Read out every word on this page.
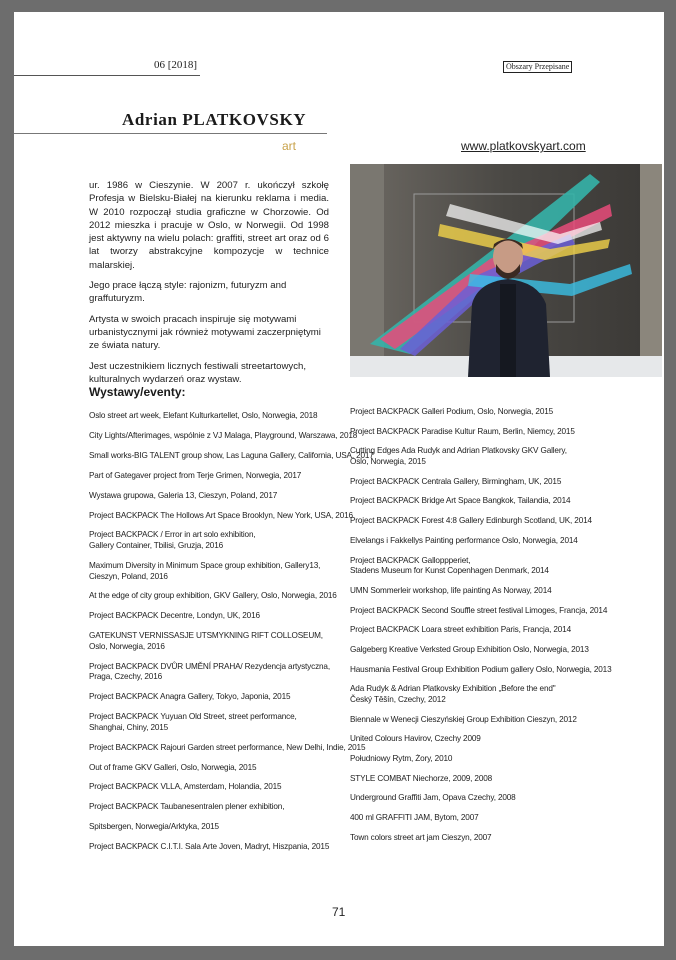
06 [2018]	Obszary Przepisane
Adrian PLATKOVSKY
art	www.platkovskyart.com

ur. 1986 w Cieszynie. W 2007 r. ukończył szkołę Profesja w Bielsku-Białej na kierunku reklama i media. W 2010 rozpoczął studia graficzne w Chorzowie. Od 2012 mieszka i pracuje w Oslo, w Norwegii. Od 1998 jest aktywny na wielu polach: graffiti, street art oraz od 6 lat tworzy abstrakcyjne kompozycje w technice malarskiej.

Jego prace łączą style: rajonizm, futuryzm and graffuturyzm.

Artysta w swoich pracach inspiruje się motywami urbanistycznymi jak również motywami zaczerpniętymi ze świata natury.

Jest uczestnikiem licznych festiwali streetartowych, kulturalnych wydarzeń oraz wystaw.

Wystawy/eventy:
Oslo street art week, Elefant Kulturkartellet, Oslo, Norwegia, 2018
City Lights/Afterimages, wspólnie z VJ Malaga, Playground, Warszawa, 2018
Small works-BIG TALENT group show, Las Laguna Gallery, California, USA, 2017
Part of Gategaver project from Terje Grimen, Norwegia, 2017
Wystawa grupowa, Galeria 13, Cieszyn, Poland, 2017
Project BACKPACK The Hollows Art Space Brooklyn, New York, USA, 2016
Project BACKPACK / Error in art solo exhibition,
Gallery Container, Tbilisi, Gruzja, 2016
Maximum Diversity in Minimum Space group exhibition, Gallery13,
Cieszyn, Poland, 2016
At the edge of city group exhibition, GKV Gallery, Oslo, Norwegia, 2016
Project BACKPACK Decentre, Londyn, UK, 2016
GATEKUNST VERNISSASJE UTSMYKNING RIFT COLLOSEUM,
Oslo, Norwegia, 2016
Project BACKPACK DVŮR UMĚNÍ PRAHA/ Rezydencja artystyczna,
Praga, Czechy, 2016
Project BACKPACK Anagra Gallery, Tokyo, Japonia, 2015
Project BACKPACK Yuyuan Old Street, street performance,
Shanghai, Chiny, 2015
Project BACKPACK Rajouri Garden street performance, New Delhi, Indie, 2015
Out of frame GKV Galleri, Oslo, Norwegia, 2015
Project BACKPACK VLLA, Amsterdam, Holandia, 2015
Project BACKPACK Taubanesentralen plener exhibition,
Spitsbergen, Norwegia/Arktyka, 2015
Project BACKPACK C.I.T.I. Sala Arte Joven, Madryt, Hiszpania, 2015
Project BACKPACK Galleri Podium, Oslo, Norwegia, 2015
Project BACKPACK Paradise Kultur Raum, Berlin, Niemcy, 2015
Cutting Edges Ada Rudyk and Adrian Platkovsky GKV Gallery,
Oslo, Norwegia, 2015
Project BACKPACK Centrala Gallery, Birmingham, UK, 2015
Project BACKPACK Bridge Art Space Bangkok, Tailandia, 2014
Project BACKPACK Forest 4:8 Gallery Edinburgh Scotland, UK, 2014
Elvelangs i Fakkellys Painting performance Oslo, Norwegia, 2014
Project BACKPACK Galloppperiet,
Stadens Museum for Kunst Copenhagen Denmark, 2014
UMN Sommerleir workshop, life painting As Norway, 2014
Project BACKPACK Second Souffle street festival Limoges, Francja, 2014
Project BACKPACK Loara street exhibition Paris, Francja, 2014
Galgeberg Kreative Verksted Group Exhibition Oslo, Norwegia, 2013
Hausmania Festival Group Exhibition Podium gallery Oslo, Norwegia, 2013
Ada Rudyk & Adrian Platkovsky Exhibition „Before the end"
Český Těšín, Czechy, 2012
Biennale w Wenecji Cieszyńskiej Group Exhibition Cieszyn, 2012
United Colours Havirov, Czechy 2009
Południowy Rytm, Żory, 2010
STYLE COMBAT Niechorze, 2009, 2008
Underground Graffiti Jam, Opava Czechy, 2008
400 ml GRAFFITI JAM, Bytom, 2007
Town colors street art jam Cieszyn, 2007
71
